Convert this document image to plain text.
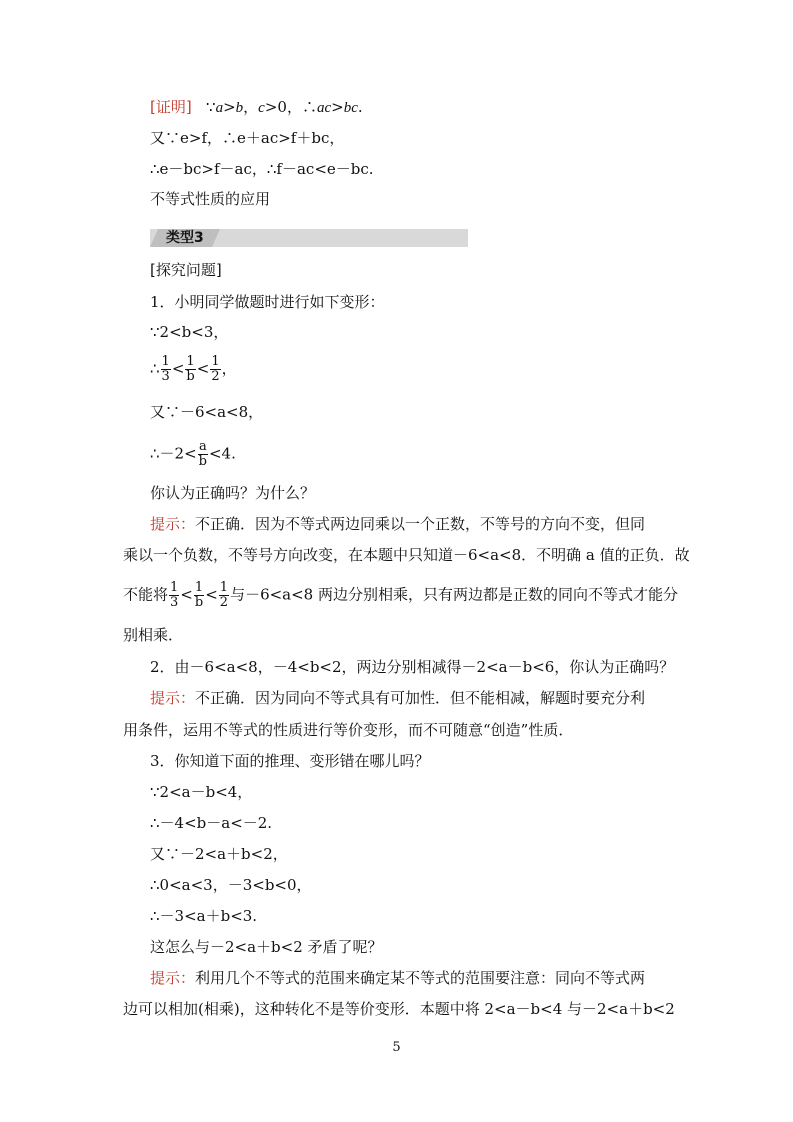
[证明] ∵a>b，c>0，∴ac>bc.
又∵e>f，∴e＋ac>f＋bc，
∴e－bc>f－ac，∴f－ac<e－bc.
不等式性质的应用
类型3
[探究问题]
1．小明同学做题时进行如下变形：
∵2<b<3，
∴ $\frac{1}{3} < \frac{1}{b} < \frac{1}{2}$ ，
又∵－6<a<8，
∴－2< $\frac{a}{b} <4$.
你认为正确吗？为什么？
提示：不正确．因为不等式两边同乘以一个正数，不等号的方向不变，但同
乘以一个负数，不等号方向改变，在本题中只知道－6<a<8．不明确 a 值的正负．故
不能将 $\frac{1}{3} < \frac{1}{b} < \frac{1}{2}$ 与－6<a<8 两边分别相乘，只有两边都是正数的同向不等式才能分
别相乘．
2．由－6<a<8，－4<b<2，两边分别相减得－2<a－b<6，你认为正确吗？
提示：不正确．因为同向不等式具有可加性．但不能相减，解题时要充分利
用条件，运用不等式的性质进行等价变形，而不可随意“创造”性质．
3．你知道下面的推理、变形错在哪儿吗？
∵2<a－b<4，
∴－4<b－a<－2.
又∵－2<a＋b<2，
∴0<a<3，－3<b<0，
∴－3<a＋b<3.
这怎么与－2<a＋b<2 矛盾了呢？
提示：利用几个不等式的范围来确定某不等式的范围要注意：同向不等式两
边可以相加(相乘)，这种转化不是等价变形．本题中将 2<a－b<4 与－2<a＋b<2
5
